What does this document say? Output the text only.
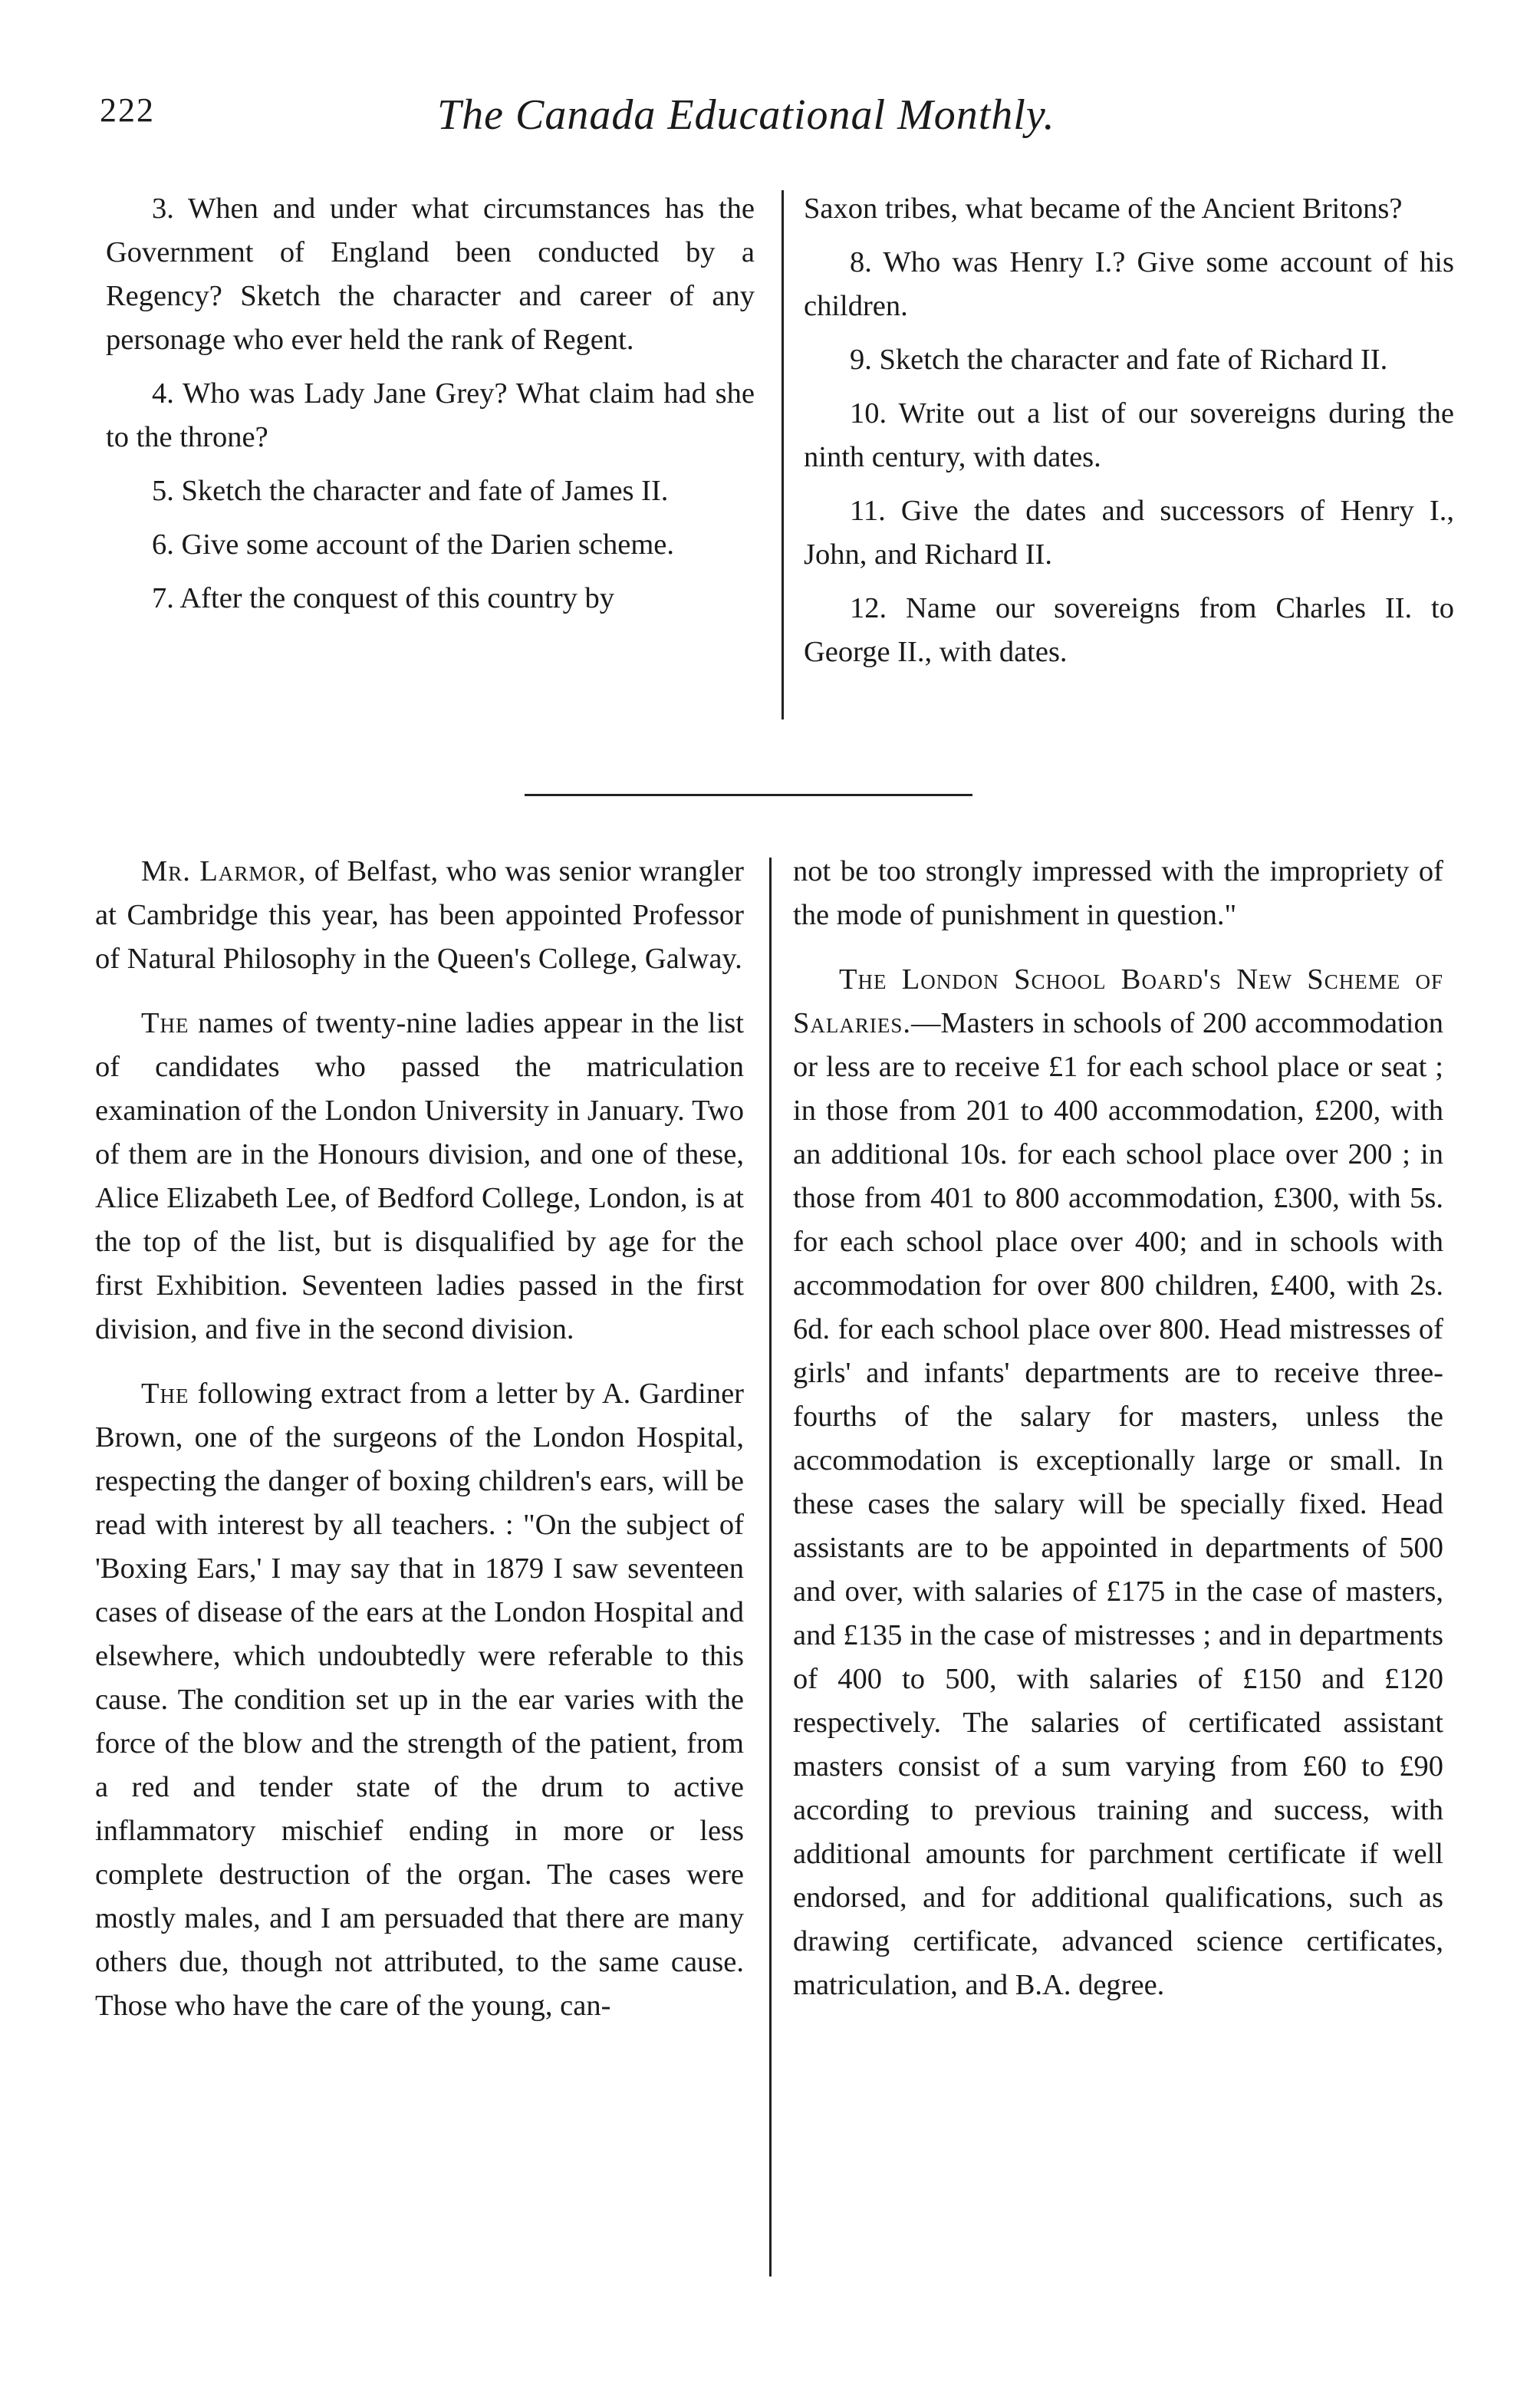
222	The Canada Educational Monthly.

3. When and under what circumstances has the Government of England been conducted by a Regency? Sketch the character and career of any personage who ever held the rank of Regent.

4. Who was Lady Jane Grey? What claim had she to the throne?

5. Sketch the character and fate of James II.

6. Give some account of the Darien scheme.

7. After the conquest of this country by

Saxon tribes, what became of the Ancient Britons?

8. Who was Henry I.? Give some account of his children.

9. Sketch the character and fate of Richard II.

10. Write out a list of our sovereigns during the ninth century, with dates.

11. Give the dates and successors of Henry I., John, and Richard II.

12. Name our sovereigns from Charles II. to George II., with dates.

Mr. Larmor, of Belfast, who was senior wrangler at Cambridge this year, has been appointed Professor of Natural Philosophy in the Queen's College, Galway.

The names of twenty-nine ladies appear in the list of candidates who passed the matriculation examination of the London University in January. Two of them are in the Honours division, and one of these, Alice Elizabeth Lee, of Bedford College, London, is at the top of the list, but is disqualified by age for the first Exhibition. Seventeen ladies passed in the first division, and five in the second division.

The following extract from a letter by A. Gardiner Brown, one of the surgeons of the London Hospital, respecting the danger of boxing children's ears, will be read with interest by all teachers. : "On the subject of 'Boxing Ears,' I may say that in 1879 I saw seventeen cases of disease of the ears at the London Hospital and elsewhere, which undoubtedly were referable to this cause. The condition set up in the ear varies with the force of the blow and the strength of the patient, from a red and tender state of the drum to active inflammatory mischief ending in more or less complete destruction of the organ. The cases were mostly males, and I am persuaded that there are many others due, though not attributed, to the same cause. Those who have the care of the young, can-

not be too strongly impressed with the impropriety of the mode of punishment in question."

The London School Board's New Scheme of Salaries.—Masters in schools of 200 accommodation or less are to receive £1 for each school place or seat ; in those from 201 to 400 accommodation, £200, with an additional 10s. for each school place over 200 ; in those from 401 to 800 accommodation, £300, with 5s. for each school place over 400; and in schools with accommodation for over 800 children, £400, with 2s. 6d. for each school place over 800. Head mistresses of girls' and infants' departments are to receive three-fourths of the salary for masters, unless the accommodation is exceptionally large or small. In these cases the salary will be specially fixed. Head assistants are to be appointed in departments of 500 and over, with salaries of £175 in the case of masters, and £135 in the case of mistresses ; and in departments of 400 to 500, with salaries of £150 and £120 respectively. The salaries of certificated assistant masters consist of a sum varying from £60 to £90 according to previous training and success, with additional amounts for parchment certificate if well endorsed, and for additional qualifications, such as drawing certificate, advanced science certificates, matriculation, and B.A. degree.
